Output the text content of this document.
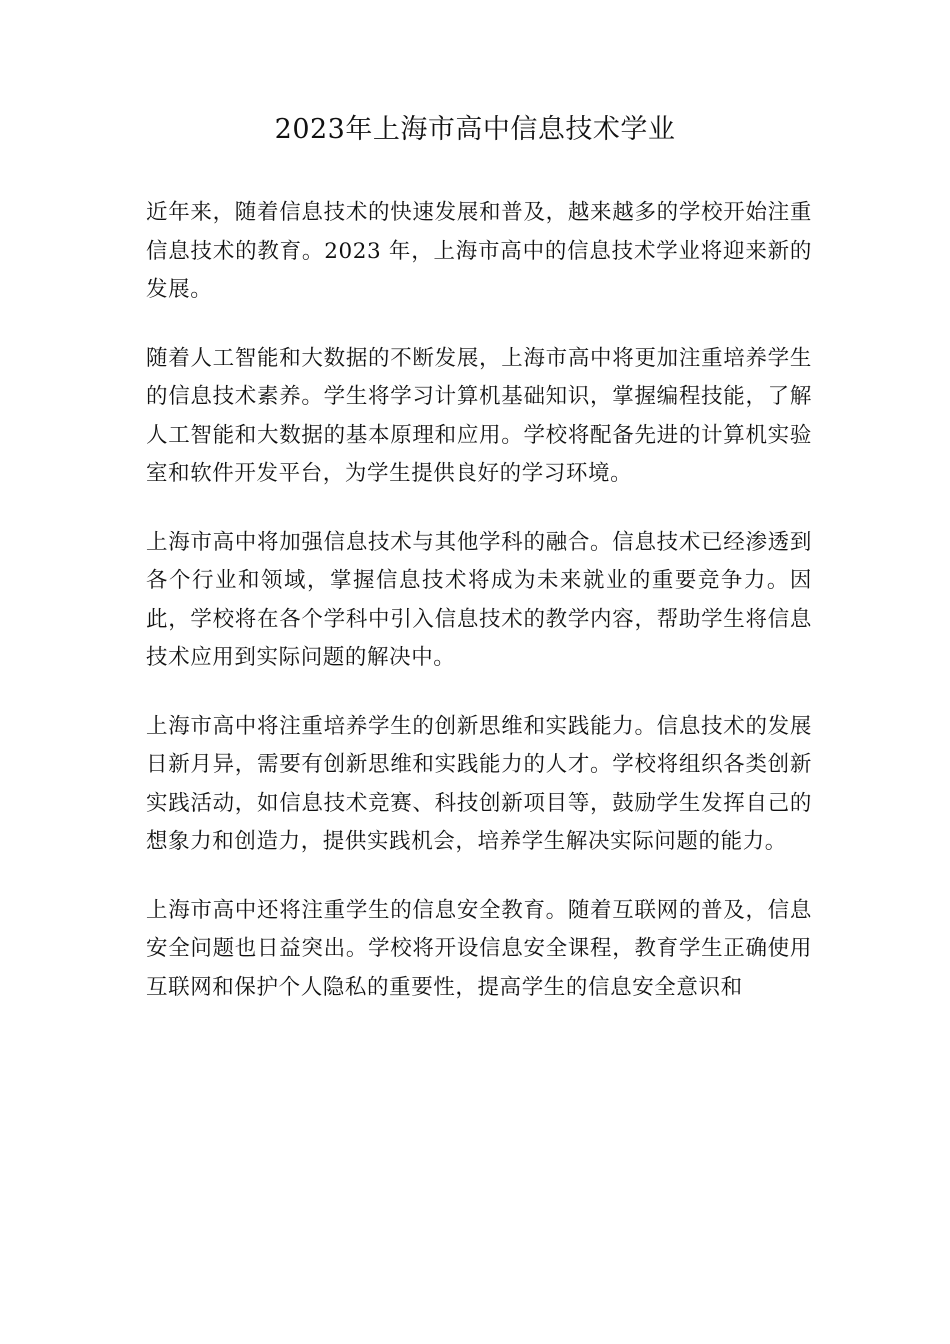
2023年上海市高中信息技术学业

近年来，随着信息技术的快速发展和普及，越来越多的学校开始注重信息技术的教育。2023 年，上海市高中的信息技术学业将迎来新的发展。

随着人工智能和大数据的不断发展，上海市高中将更加注重培养学生的信息技术素养。学生将学习计算机基础知识，掌握编程技能，了解人工智能和大数据的基本原理和应用。学校将配备先进的计算机实验室和软件开发平台，为学生提供良好的学习环境。

上海市高中将加强信息技术与其他学科的融合。信息技术已经渗透到各个行业和领域，掌握信息技术将成为未来就业的重要竞争力。因此，学校将在各个学科中引入信息技术的教学内容，帮助学生将信息技术应用到实际问题的解决中。

上海市高中将注重培养学生的创新思维和实践能力。信息技术的发展日新月异，需要有创新思维和实践能力的人才。学校将组织各类创新实践活动，如信息技术竞赛、科技创新项目等，鼓励学生发挥自己的想象力和创造力，提供实践机会，培养学生解决实际问题的能力。

上海市高中还将注重学生的信息安全教育。随着互联网的普及，信息安全问题也日益突出。学校将开设信息安全课程，教育学生正确使用互联网和保护个人隐私的重要性，提高学生的信息安全意识和
